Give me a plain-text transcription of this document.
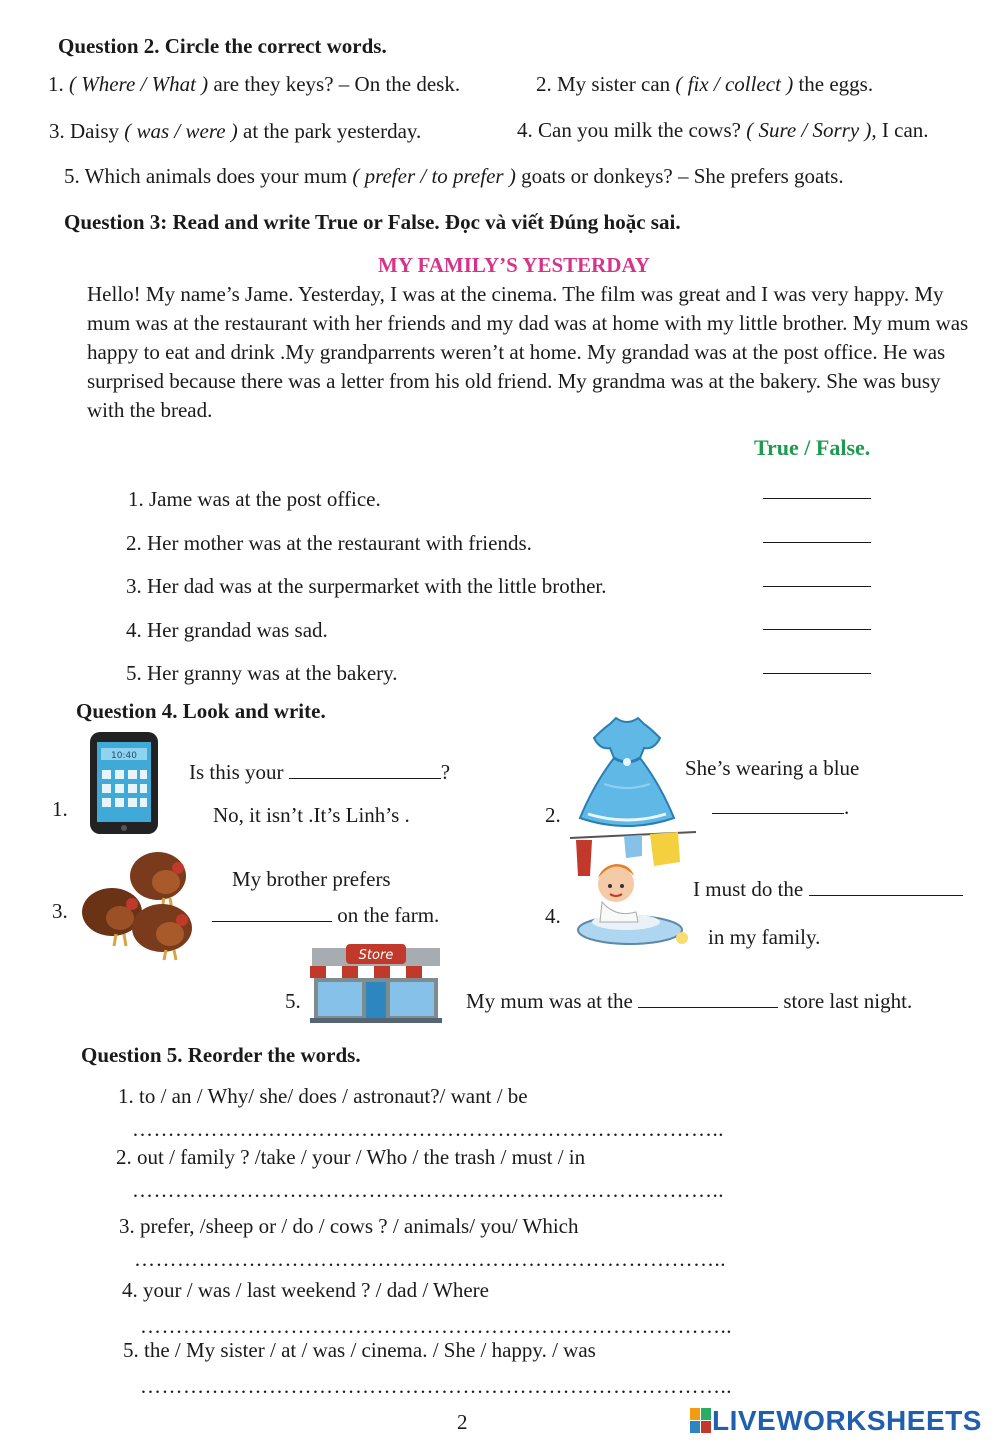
Question 2. Circle the correct words.
1. ( Where / What ) are they keys? – On the desk.	2. My sister can ( fix / collect ) the eggs.
3. Daisy ( was / were ) at the park yesterday.	4. Can you milk the cows? ( Sure / Sorry ), I can.
5. Which animals does your mum ( prefer / to prefer ) goats or donkeys? – She prefers goats.
Question 3: Read and write True or False. Đọc và viết Đúng hoặc sai.
MY FAMILY’S YESTERDAY
Hello! My name’s Jame. Yesterday, I was at the cinema. The film was great and I was very happy. My mum was at the restaurant with her friends and my dad was at home with my little brother. My mum was happy to eat and drink .My grandparrents weren’t at home. My grandad was at the post office. He was surprised because there was a letter from his old friend. My grandma was at the bakery. She was busy with the bread.
True / False.
1. Jame was at the post office.
2. Her mother was at the restaurant with friends.
3. Her dad was at the surpermarket with the little brother.
4. Her grandad was sad.
5. Her granny was at the bakery.
Question 4. Look and write.
1.
10:40
Is this your	?
No, it isn’t .It’s Linh’s .	2.
She’s wearing a blue
.
3.
My brother prefers
on the farm.	4.
I must do the
in my family.
5.
Store
My mum was at the	store last night.
Question 5. Reorder the words.
1. to / an / Why/ she/ does / astronaut?/ want / be
………………………………………………………………………..
2. out / family ? /take / your / Who / the trash / must / in
………………………………………………………………………..
3. prefer, /sheep or / do / cows ? / animals/ you/ Which
………………………………………………………………………..
4. your / was / last weekend ? / dad / Where
………………………………………………………………………..
5. the / My sister / at / was / cinema. / She / happy. / was
………………………………………………………………………..
2	LIVEWORKSHEETS
